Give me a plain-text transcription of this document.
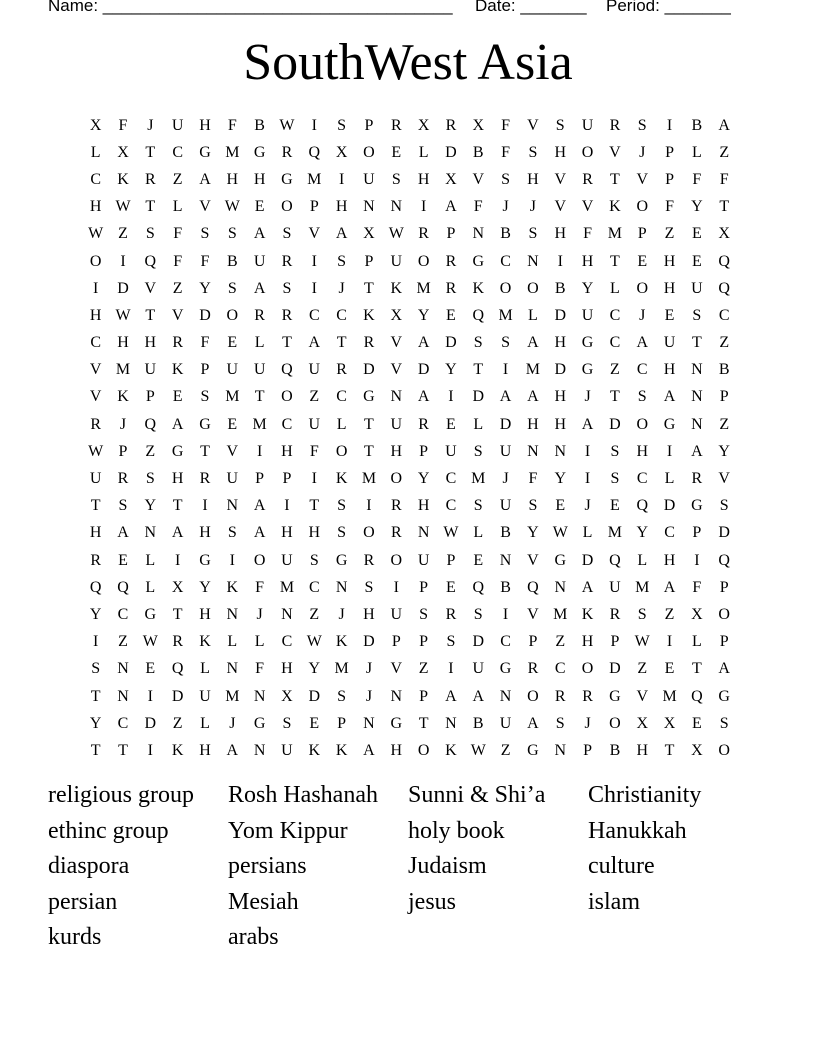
Name: _____________________________________ Date: _______ Period: _______
SouthWest Asia
X	F	J	U H	F	B W	I	S	P	R	X	R	X	F	V	S	U	R	S	I	B	A
L	X	T	C	G M G	R	Q X O	E	L	D	B	F	S	H O V	J	P	L	Z
C	K	R	Z	A H H G M	I	U	S	H X V	S	H V	R	T	V	P	F	F
H W T	L	V W E	O	P	H N N	I	A	F	J	J	V V K O	F	Y	T
W Z	S	F	S	S	A	S	V A X W R	P	N	B	S	H	F M P	Z	E	X
O	I	Q	F	F	B	U	R	I	S	P	U O	R	G	C	N	I	H	T	E	H	E	Q
I	D V	Z	Y	S	A	S	I	J	T	K M R	K O O	B	Y	L	O H U Q
H W T	V D O	R	R	C	C	K X Y	E	Q M L	D U	C	J	E	S	C
C	H H	R	F	E	L	T	A	T	R	V A D	S	S	A H G	C	A U	T	Z
V M U K	P	U U Q U	R	D V D Y	T	I	M D G	Z	C	H N	B
V K	P	E	S M T	O	Z	C	G N A	I	D A A H	J	T	S	A N	P
R	J	Q A G	E M C	U	L	T	U	R	E	L	D H H A D O G N	Z
W P	Z	G	T	V	I	H	F	O	T	H	P	U	S	U N N	I	S	H	I	A Y
U	R	S	H	R	U	P	P	I	K M O Y	C M	J	F	Y	I	S	C	L	R	V
T	S	Y	T	I	N A	I	T	S	I	R	H	C	S	U	S	E	J	E	Q D G	S
H A N A H	S	A H H	S	O	R	N W L	B	Y W L M Y	C	P	D
R	E	L	I	G	I	O U	S	G	R	O U	P	E	N V G D Q	L	H	I	Q
Q Q	L	X Y K	F M C	N	S	I	P	E	Q	B	Q N A U M A	F	P
Y	C	G	T	H N	J	N	Z	J	H U	S	R	S	I	V M K	R	S	Z	X O
I	Z W R	K	L	L	C W K D	P	P	S	D	C	P	Z	H	P W	I	L	P
S	N	E	Q	L	N	F	H Y M	J	V	Z	I	U G	R	C	O D	Z	E	T	A
T	N	I	D U M N X D	S	J	N	P	A A N O	R	R	G V M Q G
Y	C	D	Z	L	J	G	S	E	P	N G	T	N	B	U A	S	J	O X X	E	S
T	T	I	K H A N U K K A H O K W Z	G N	P	B	H	T	X O
religious group	Rosh Hashanah	Sunni & Shi’a	Christianity
ethinc group	Yom Kippur	holy book	Hanukkah
diaspora	persians	Judaism	culture
persian	Mesiah	jesus	islam
kurds	arabs
